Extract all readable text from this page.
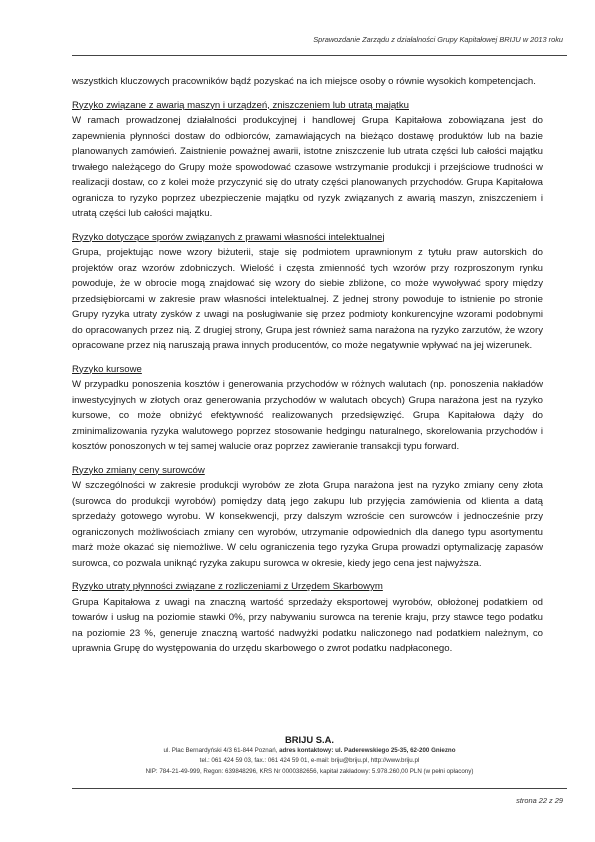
Sprawozdanie Zarządu z działalności Grupy Kapitałowej BRIJU w 2013 roku

wszystkich kluczowych pracowników bądź pozyskać na ich miejsce osoby o równie wysokich kompetencjach.

Ryzyko związane z awarią maszyn i urządzeń, zniszczeniem lub utratą majątku

W ramach prowadzonej działalności produkcyjnej i handlowej Grupa Kapitałowa zobowiązana jest do zapewnienia płynności dostaw do odbiorców, zamawiających na bieżąco dostawę produktów lub na bazie planowanych zamówień. Zaistnienie poważnej awarii, istotne zniszczenie lub utrata części lub całości majątku trwałego należącego do Grupy może spowodować czasowe wstrzymanie produkcji i przejściowe trudności w realizacji dostaw, co z kolei może przyczynić się do utraty części planowanych przychodów. Grupa Kapitałowa ogranicza to ryzyko poprzez ubezpieczenie majątku od ryzyk związanych z awarią maszyn, zniszczeniem i utratą części lub całości majątku.

Ryzyko dotyczące sporów związanych z prawami własności intelektualnej

Grupa, projektując nowe wzory biżuterii, staje się podmiotem uprawnionym z tytułu praw autorskich do projektów oraz wzorów zdobniczych. Wielość i częsta zmienność tych wzorów przy rozproszonym rynku powoduje, że w obrocie mogą znajdować się wzory do siebie zbliżone, co może wywoływać spory między przedsiębiorcami w zakresie praw własności intelektualnej. Z jednej strony powoduje to istnienie po stronie Grupy ryzyka utraty zysków z uwagi na posługiwanie się przez podmioty konkurencyjne wzorami podobnymi do opracowanych przez nią. Z drugiej strony, Grupa jest również sama narażona na ryzyko zarzutów, że wzory opracowane przez nią naruszają prawa innych producentów, co może negatywnie wpływać na jej wizerunek.

Ryzyko kursowe

W przypadku ponoszenia kosztów i generowania przychodów w różnych walutach (np. ponoszenia nakładów inwestycyjnych w złotych oraz generowania przychodów w walutach obcych) Grupa narażona jest na ryzyko kursowe, co może obniżyć efektywność realizowanych przedsięwzięć. Grupa Kapitałowa dąży do zminimalizowania ryzyka walutowego poprzez stosowanie hedgingu naturalnego, skorelowania przychodów i kosztów ponoszonych w tej samej walucie oraz poprzez zawieranie transakcji typu forward.

Ryzyko zmiany ceny surowców

W szczególności w zakresie produkcji wyrobów ze złota Grupa narażona jest na ryzyko zmiany ceny złota (surowca do produkcji wyrobów) pomiędzy datą jego zakupu lub przyjęcia zamówienia od klienta a datą sprzedaży gotowego wyrobu. W konsekwencji, przy dalszym wzroście cen surowców i jednocześnie przy ograniczonych możliwościach zmiany cen wyrobów, utrzymanie odpowiednich dla danego typu asortymentu marż może okazać się niemożliwe. W celu ograniczenia tego ryzyka Grupa prowadzi optymalizację zapasów surowca, co pozwala uniknąć ryzyka zakupu surowca w okresie, kiedy jego cena jest najwyższa.

Ryzyko utraty płynności związane z rozliczeniami z Urzędem Skarbowym

Grupa Kapitałowa z uwagi na znaczną wartość sprzedaży eksportowej wyrobów, obłożonej podatkiem od towarów i usług na poziomie stawki 0%, przy nabywaniu surowca na terenie kraju, przy stawce tego podatku na poziomie 23 %, generuje znaczną wartość nadwyżki podatku naliczonego nad podatkiem należnym, co uprawnia Grupę do występowania do urzędu skarbowego o zwrot podatku nadpłaconego.

BRIJU S.A.
ul. Plac Bernardyński 4/3 61-844 Poznań, adres kontaktowy: ul. Paderewskiego 25-35, 62-200 Gniezno
tel.: 061 424 59 03, fax.: 061 424 59 01, e-mail: briju@briju.pl, http://www.briju.pl
NIP: 784-21-49-999, Regon: 639848296, KRS Nr 0000382656, kapitał zakładowy: 5.978.260,00 PLN (w pełni opłacony)
strona 22 z 29
